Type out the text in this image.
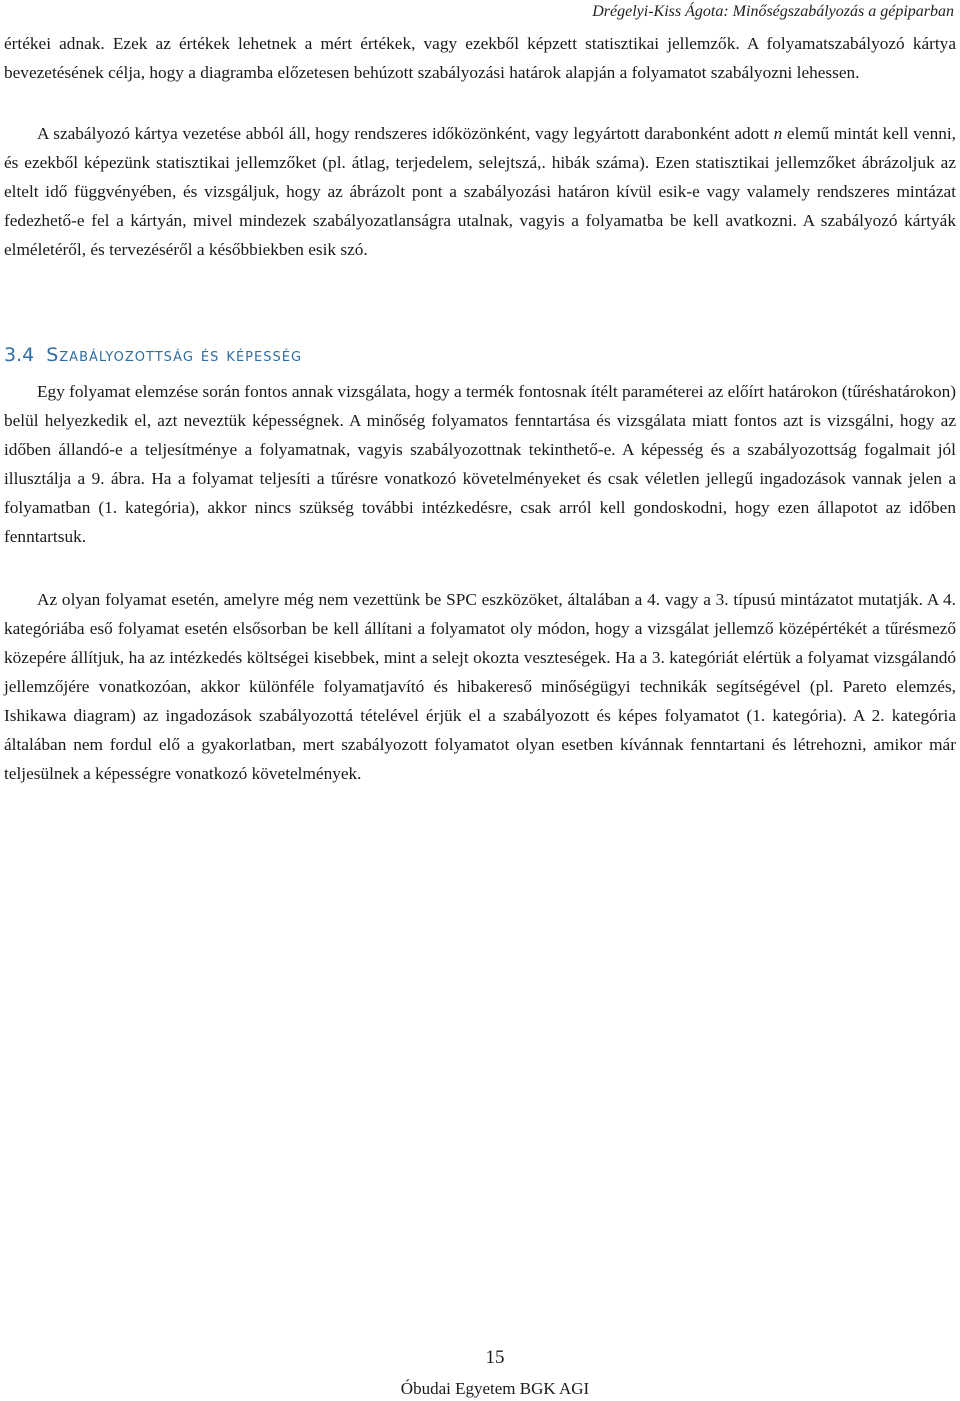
Drégelyi-Kiss Ágota: Minőségszabályozás a gépiparban

értékei adnak. Ezek az értékek lehetnek a mért értékek, vagy ezekből képzett statisztikai jellemzők. A folyamatszabályozó kártya bevezetésének célja, hogy a diagramba előzetesen behúzott szabályozási határok alapján a folyamatot szabályozni lehessen.

A szabályozó kártya vezetése abból áll, hogy rendszeres időközönként, vagy legyártott darabonként adott n elemű mintát kell venni, és ezekből képezünk statisztikai jellemzőket (pl. átlag, terjedelem, selejtszá,. hibák száma). Ezen statisztikai jellemzőket ábrázoljuk az eltelt idő függvényében, és vizsgáljuk, hogy az ábrázolt pont a szabályozási határon kívül esik-e vagy valamely rendszeres mintázat fedezhető-e fel a kártyán, mivel mindezek szabályozatlanságra utalnak, vagyis a folyamatba be kell avatkozni. A szabályozó kártyák elméletéről, és tervezéséről a későbbiekben esik szó.

3.4 Szabályozottság és képesség

Egy folyamat elemzése során fontos annak vizsgálata, hogy a termék fontosnak ítélt paraméterei az előírt határokon (tűréshatárokon) belül helyezkedik el, azt neveztük képességnek. A minőség folyamatos fenntartása és vizsgálata miatt fontos azt is vizsgálni, hogy az időben állandó-e a teljesítménye a folyamatnak, vagyis szabályozottnak tekinthető-e. A képesség és a szabályozottság fogalmait jól illusztálja a 9. ábra. Ha a folyamat teljesíti a tűrésre vonatkozó követelményeket és csak véletlen jellegű ingadozások vannak jelen a folyamatban (1. kategória), akkor nincs szükség további intézkedésre, csak arról kell gondoskodni, hogy ezen állapotot az időben fenntartsuk.

Az olyan folyamat esetén, amelyre még nem vezettünk be SPC eszközöket, általában a 4. vagy a 3. típusú mintázatot mutatják. A 4. kategóriába eső folyamat esetén elsősorban be kell állítani a folyamatot oly módon, hogy a vizsgálat jellemző középértékét a tűrésmező közepére állítjuk, ha az intézkedés költségei kisebbek, mint a selejt okozta veszteségek. Ha a 3. kategóriát elértük a folyamat vizsgálandó jellemzőjére vonatkozóan, akkor különféle folyamatjavító és hibakereső minőségügyi technikák segítségével (pl. Pareto elemzés, Ishikawa diagram) az ingadozások szabályozottá tételével érjük el a szabályozott és képes folyamatot (1. kategória). A 2. kategória általában nem fordul elő a gyakorlatban, mert szabályozott folyamatot olyan esetben kívánnak fenntartani és létrehozni, amikor már teljesülnek a képességre vonatkozó követelmények.

15
Óbudai Egyetem BGK AGI
